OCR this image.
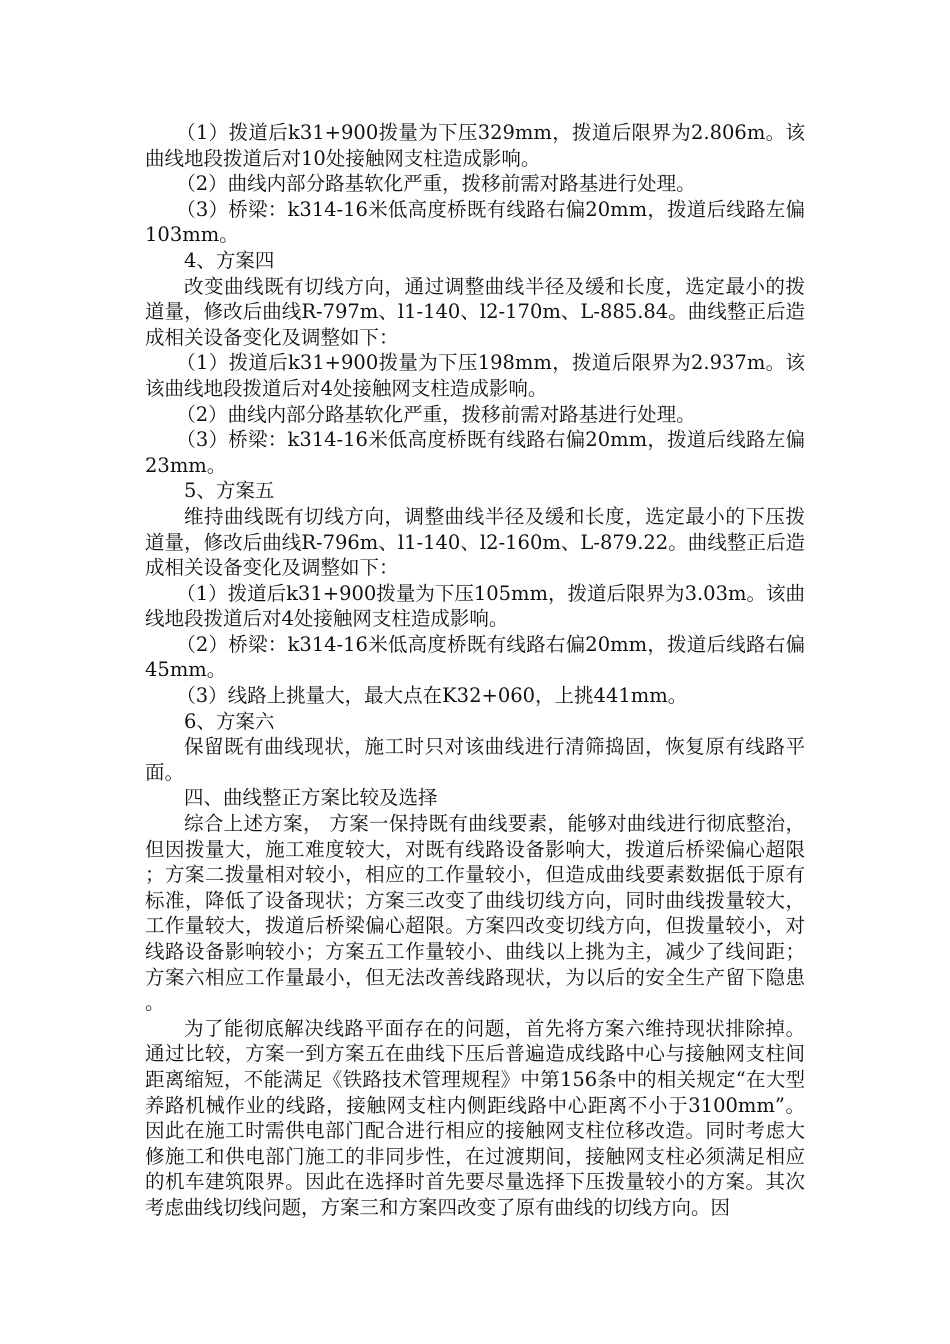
（1）拨道后k31+900拨量为下压329mm，拨道后限界为2.806m。该曲线地段拨道后对10处接触网支柱造成影响。

（2）曲线内部分路基软化严重，拨移前需对路基进行处理。

（3）桥梁：k314-16米低高度桥既有线路右偏20mm，拨道后线路左偏103mm。

4、方案四

改变曲线既有切线方向，通过调整曲线半径及缓和长度，选定最小的拨道量，修改后曲线R-797m、l1-140、l2-170m、L-885.84。曲线整正后造成相关设备变化及调整如下：

（1）拨道后k31+900拨量为下压198mm，拨道后限界为2.937m。该该曲线地段拨道后对4处接触网支柱造成影响。

（2）曲线内部分路基软化严重，拨移前需对路基进行处理。

（3）桥梁：k314-16米低高度桥既有线路右偏20mm，拨道后线路左偏23mm。

5、方案五

维持曲线既有切线方向，调整曲线半径及缓和长度，选定最小的下压拨道量，修改后曲线R-796m、l1-140、l2-160m、L-879.22。曲线整正后造成相关设备变化及调整如下：

（1）拨道后k31+900拨量为下压105mm，拨道后限界为3.03m。该曲线地段拨道后对4处接触网支柱造成影响。

（2）桥梁：k314-16米低高度桥既有线路右偏20mm，拨道后线路右偏45mm。

（3）线路上挑量大，最大点在K32+060，上挑441mm。

6、方案六

保留既有曲线现状，施工时只对该曲线进行清筛捣固，恢复原有线路平面。

四、曲线整正方案比较及选择

综合上述方案， 方案一保持既有曲线要素，能够对曲线进行彻底整治，但因拨量大，施工难度较大，对既有线路设备影响大，拨道后桥梁偏心超限；方案二拨量相对较小，相应的工作量较小，但造成曲线要素数据低于原有标准，降低了设备现状；方案三改变了曲线切线方向，同时曲线拨量较大，工作量较大，拨道后桥梁偏心超限。方案四改变切线方向，但拨量较小，对线路设备影响较小；方案五工作量较小、曲线以上挑为主，减少了线间距；方案六相应工作量最小，但无法改善线路现状，为以后的安全生产留下隐患。

为了能彻底解决线路平面存在的问题，首先将方案六维持现状排除掉。通过比较，方案一到方案五在曲线下压后普遍造成线路中心与接触网支柱间距离缩短，不能满足《铁路技术管理规程》中第156条中的相关规定“在大型养路机械作业的线路，接触网支柱内侧距线路中心距离不小于3100mm”。因此在施工时需供电部门配合进行相应的接触网支柱位移改造。同时考虑大修施工和供电部门施工的非同步性，在过渡期间，接触网支柱必须满足相应的机车建筑限界。因此在选择时首先要尽量选择下压拨量较小的方案。其次考虑曲线切线问题，方案三和方案四改变了原有曲线的切线方向。因
